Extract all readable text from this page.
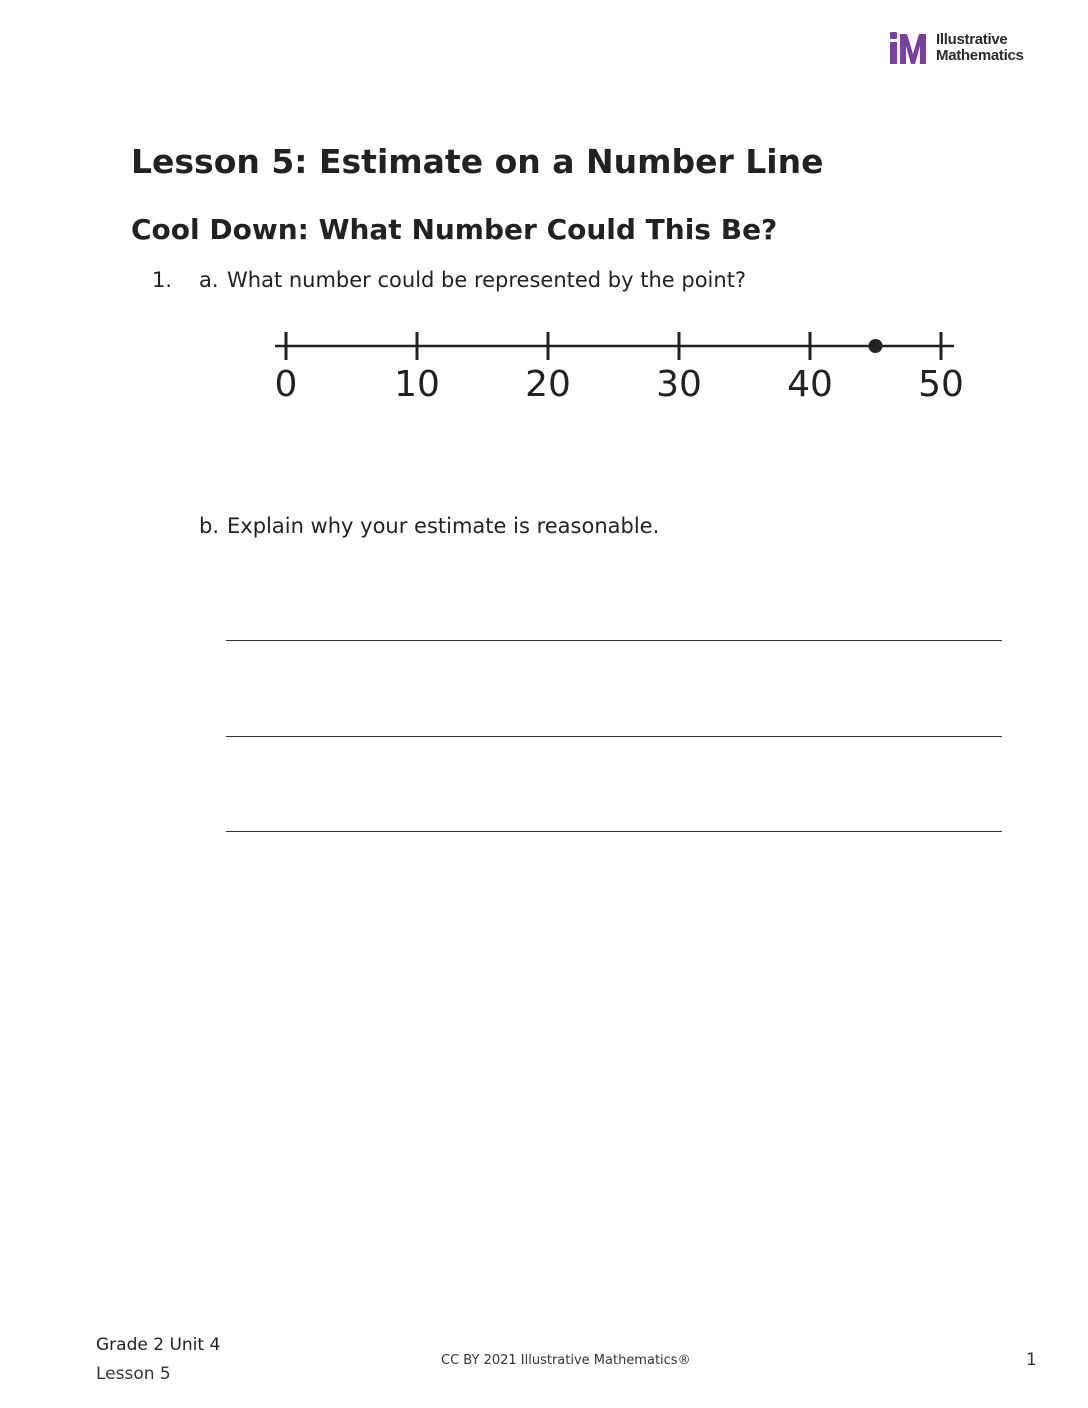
Illustrative
Mathematics
Lesson 5: Estimate on a Number Line
Cool Down: What Number Could This Be?
1. a. What number could be represented by the point?
0	10 20 30 40 50
b. Explain why your estimate is reasonable.
Grade 2 Unit 4
Lesson 5
CC BY 2021 Illustrative Mathematics®	1
